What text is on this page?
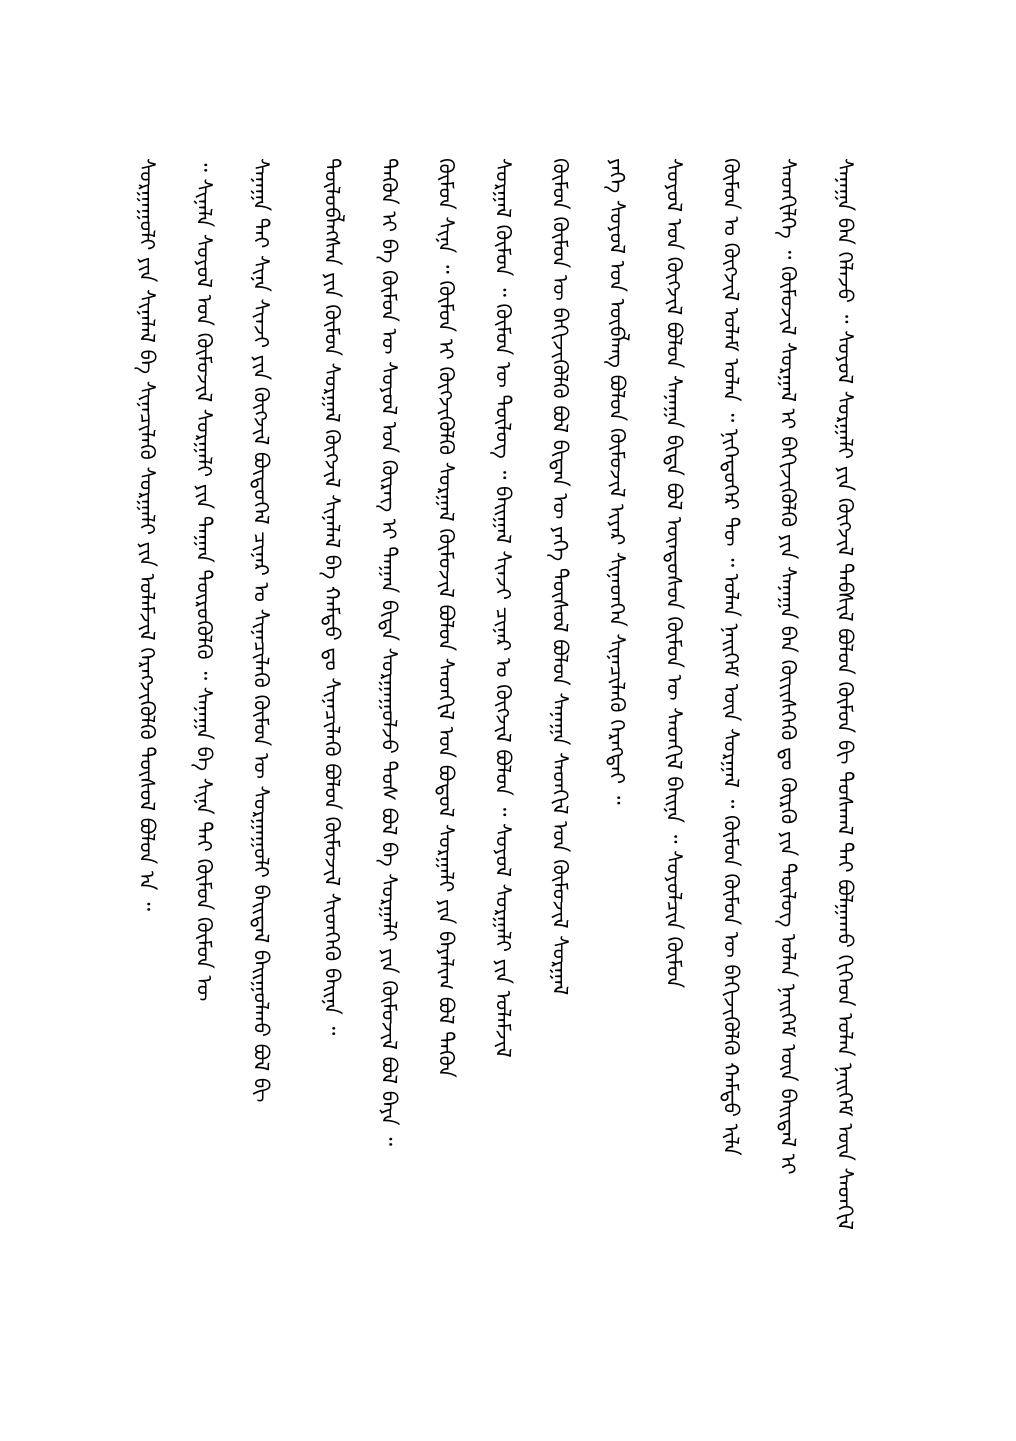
ᠰᠠᠨᠠᠭᠠ ᠪᠠᠨ ᠬᠡᠯᠡᠵᠦ ᠃ ᠰᠣᠶᠤᠯ ᠰᠤᠷᠭᠠᠯᠢ ᠶᠢᠨ ᠬᠥᠭᠵᠢᠯ ᠳᠡᠪᠰᠢᠯ ᠪᠣᠯᠤᠨ ᠬᠦᠮᠦᠨ ᠪᠢ ᠳᠤᠰᠬᠠᠯ ᠲᠠᠢ ᠪᠣᠯᠭᠠᠬᠤ ᠬᠢᠭᠡᠳ ᠣᠯᠠᠨ ᠨᠡᠢᠭᠡᠮ ᠦᠨ ᠰᠡᠳᠬᠢᠯ
ᠰᠡᠳᠬᠢᠯᠭᠡ ᠃ ᠬᠦᠮᠦᠵᠢᠯ ᠰᠤᠷᠭᠠᠯ ᠢ ᠪᠡᠬᠢᠵᠢᠭᠦᠯᠬᠦ ᠶᠢᠨ ᠰᠠᠨᠠᠭᠠ ᠪᠠᠨ ᠬᠦᠢᠢᠰᠭᠡᠬᠦ ᠳᠤ ᠬᠦᠷᠬᠦ ᠶᠢᠨ ᠲᠥᠯᠦᠭ᠌ ᠣᠯᠠᠨ ᠨᠡᠢᠭᠡᠮ ᠦᠨ ᠪᠠᠢᠳᠠᠯ ᠢ
ᠬᠦᠮᠦᠨ ᠤ ᠬᠥᠭᠵᠢᠯ ᠤᠯᠠᠮ ᠣᠯᠠᠨ ᠃ ᠨᠢᠭᠡᠳᠦᠭᠡᠷ ᠲᠦ ᠃ ᠣᠯᠠᠨ ᠨᠡᠢᠭᠡᠮ ᠦᠨ ᠰᠤᠷᠭᠠᠯ ᠃ ᠬᠦᠮᠦᠨ ᠬᠦᠮᠦᠨ ᠦ ᠪᠡᠬᠢᠵᠢᠭᠦᠯᠬᠦ ᠬᠠᠮᠲᠤ ᠢᠯᠡ
ᠰᠣᠶᠤᠯ ᠤᠨ ᠬᠥᠭᠵᠢᠯ ᠪᠣᠯᠤᠨ ᠰᠠᠨᠠᠭᠠ ᠪᠢᠳᠡ ᠪᠣᠯ ᠦᠨᠳᠦᠰᠦᠨ ᠬᠦᠮᠦᠨ ᠦ ᠰᠡᠳᠬᠢᠯ ᠪᠠᠢᠨᠠ ᠃ ᠰᠣᠶᠤᠯᠴᠢᠨ ᠬᠦᠮᠦᠨ
ᠶᠡᠬᠡ ᠰᠣᠶᠤᠯ ᠤᠨ ᠥᠪᠯᠡᠩ ᠪᠣᠯᠤᠨ ᠬᠦᠮᠦᠵᠢᠯ ᠢᠶᠡᠷ ᠰᠢᠨᠡᠳᠭᠡᠨ ᠰᠢᠨᠡᠴᠢᠯᠡᠬᠦ ᠬᠡᠷᠡᠭᠲᠡᠢ ᠃
ᠬᠦᠮᠦᠨ ᠬᠦᠮᠦᠨ ᠦ ᠪᠡᠬᠢᠵᠢᠭᠦᠯᠬᠦ ᠪᠣᠯ ᠪᠢᠳᠡᠨ ᠦ ᠶᠡᠬᠡ ᠲᠥᠰᠥᠯ ᠪᠣᠯᠤᠨ ᠰᠠᠨᠠᠭᠠ ᠰᠡᠳᠬᠢᠯ ᠤᠨ ᠬᠦᠮᠦᠵᠢᠯ ᠰᠤᠷᠭᠠᠯ
ᠰᠤᠷᠭᠠᠯ ᠬᠦᠮᠦᠨ ᠃ ᠬᠦᠮᠦᠨ ᠦ ᠲᠥᠯᠦᠭ ᠃ ᠪᠠᠢᠭᠠᠯ ᠰᠢᠨᠵᠢ ᠴᠢᠨᠠᠷ ᠤ ᠬᠥᠭᠵᠢᠯ ᠪᠣᠯᠤᠨ ᠃ ᠰᠣᠶᠤᠯ ᠰᠤᠷᠭᠠᠯᠢ ᠶᠢᠨ ᠤᠯᠠᠮᠵᠢᠯ
ᠬᠦᠮᠦᠨ ᠰᠢᠨᠡ ᠃ ᠬᠦᠮᠦᠨ ᠢ ᠬᠥᠭᠵᠢᠭᠦᠯᠬᠦ ᠰᠤᠷᠭᠠᠯ ᠬᠦᠮᠦᠵᠢᠯ ᠪᠣᠯᠤᠨ ᠰᠡᠳᠬᠢᠯ ᠤᠨ ᠪᠣᠳᠤᠯ ᠰᠤᠷᠭᠠᠯᠢ ᠶᠢᠨ ᠪᠠᠶᠠᠯᠢᠭ ᠪᠣᠯ ᠲᠡᠭᠦᠨ
ᠲᠡᠭᠦᠨ ᠢ ᠪᠡ ᠬᠦᠮᠦᠨ ᠦ ᠰᠣᠶᠤᠯ ᠤᠨ ᠬᠦᠷᠡᠭ ᠢ ᠳᠠᠭᠠᠨ ᠪᠢᠳᠡ ᠰᠤᠷᠭᠠᠭᠤᠯᠵᠤ ᠲᠤᠰ ᠪᠣᠯ ᠪᠠ ᠰᠤᠷᠭᠠᠯᠢ ᠶᠢᠨ ᠬᠦᠮᠦᠵᠢᠯ ᠪᠣᠯ ᠪᠡᠶᠡ ᠃
ᠲᠥᠯᠦᠪᠯᠡᠭᠰᠡᠨ ᠶᠢᠨ ᠬᠦᠮᠦᠨ ᠰᠤᠷᠭᠠᠯ ᠬᠥᠭᠵᠢᠯ ᠰᠢᠨᠡᠯᠡᠯ ᠪᠠ ᠬᠠᠮᠲᠤ ᠳᠤ ᠰᠢᠨᠡᠴᠢᠯᠡᠬᠦ ᠪᠣᠯᠤᠨ ᠬᠦᠮᠦᠵᠢᠯ ᠰᠢᠳᠬᠡᠬᠦ ᠪᠠᠢᠨᠠ ᠃
ᠰᠠᠨᠠᠭᠠ ᠲᠠᠢ ᠰᠢᠨᠡ ᠰᠢᠨᠵᠢ ᠶᠢᠨ ᠬᠥᠭᠵᠢᠯ ᠪᠦᠲᠦᠭᠡᠯ ᠴᠢᠨᠠᠷ ᠤ ᠰᠢᠨᠡᠴᠢᠯᠡᠬᠦ ᠬᠦᠮᠦᠨ ᠦ ᠰᠤᠷᠭᠠᠭᠤᠯᠢ ᠪᠠᠢᠳᠠᠯ ᠪᠠᠢᠭᠤᠯᠬᠤ ᠪᠣᠯ ᠪᠢ
᠃ ᠰᠢᠨᠡᠯᠡ ᠰᠣᠶᠤᠯ ᠤᠨ ᠬᠦᠮᠦᠵᠢᠯ ᠰᠤᠷᠭᠠᠯᠢ ᠶᠢᠨ ᠳᠠᠭᠠᠨ ᠲᠥᠷᠦᠭᠦᠯᠬᠦ ᠃ ᠰᠠᠨᠠᠭᠠ ᠪᠠ ᠰᠢᠨᠡ ᠲᠠᠢ ᠬᠦᠮᠦᠨ ᠬᠦᠮᠦᠨ ᠦ
ᠰᠤᠷᠭᠠᠭᠤᠯᠢ ᠶᠢᠨ ᠰᠢᠨᠡᠯᠡᠯ ᠪᠠ ᠰᠢᠨᠡᠴᠢᠯᠡᠬᠦ ᠰᠤᠷᠭᠠᠯᠢ ᠶᠢᠨ ᠤᠯᠠᠮᠵᠢᠯ ᠬᠡᠷᠡᠭᠵᠢᠭᠦᠯᠬᠦ ᠲᠥᠰᠥᠯ ᠪᠣᠯᠤᠨ ᠠ ᠃
